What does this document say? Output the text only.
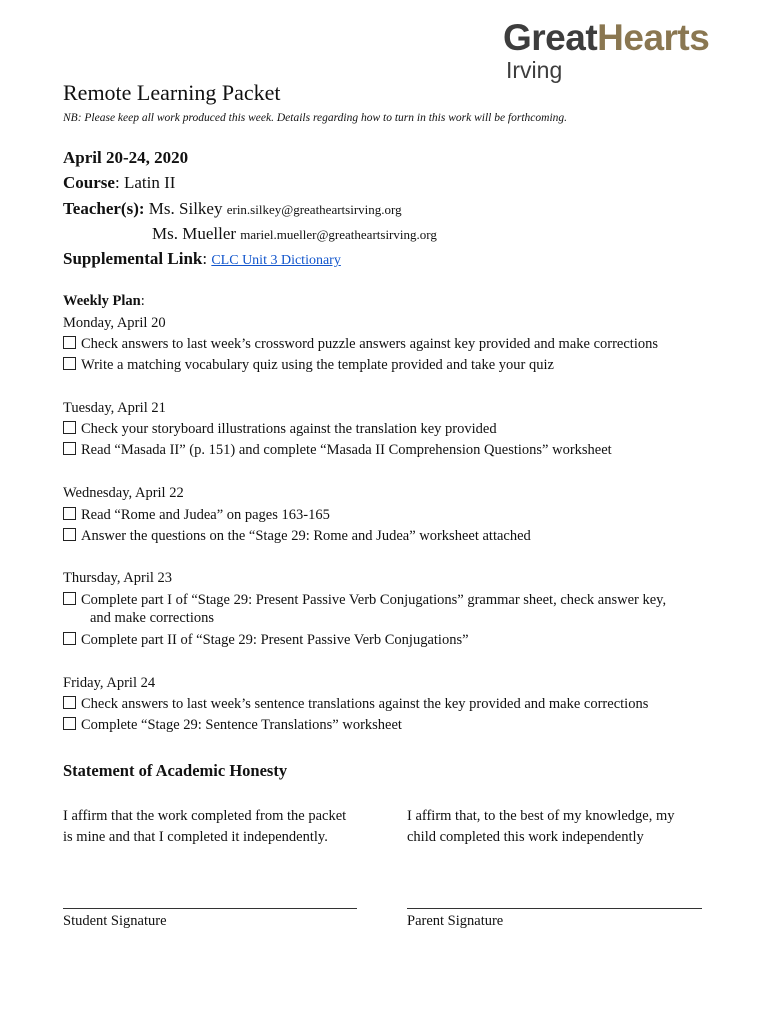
GreatHearts
Irving
Remote Learning Packet
NB: Please keep all work produced this week. Details regarding how to turn in this work will be forthcoming.
April 20-24, 2020
Course: Latin II
Teacher(s): Ms. Silkey erin.silkey@greatheartsirving.org
Ms. Mueller mariel.mueller@greatheartsirving.org
Supplemental Link: CLC Unit 3 Dictionary
Weekly Plan:
Monday, April 20
Check answers to last week’s crossword puzzle answers against key provided and make corrections
Write a matching vocabulary quiz using the template provided and take your quiz
Tuesday, April 21
Check your storyboard illustrations against the translation key provided
Read “Masada II” (p. 151) and complete “Masada II Comprehension Questions” worksheet
Wednesday, April 22
Read “Rome and Judea” on pages 163-165
Answer the questions on the “Stage 29: Rome and Judea” worksheet attached
Thursday, April 23
Complete part I of “Stage 29: Present Passive Verb Conjugations” grammar sheet, check answer key,
and make corrections
Complete part II of “Stage 29: Present Passive Verb Conjugations”
Friday, April 24
Check answers to last week’s sentence translations against the key provided and make corrections
Complete “Stage 29: Sentence Translations” worksheet
Statement of Academic Honesty
I affirm that the work completed from the packet
is mine and that I completed it independently.
I affirm that, to the best of my knowledge, my
child completed this work independently
Student Signature	Parent Signature
